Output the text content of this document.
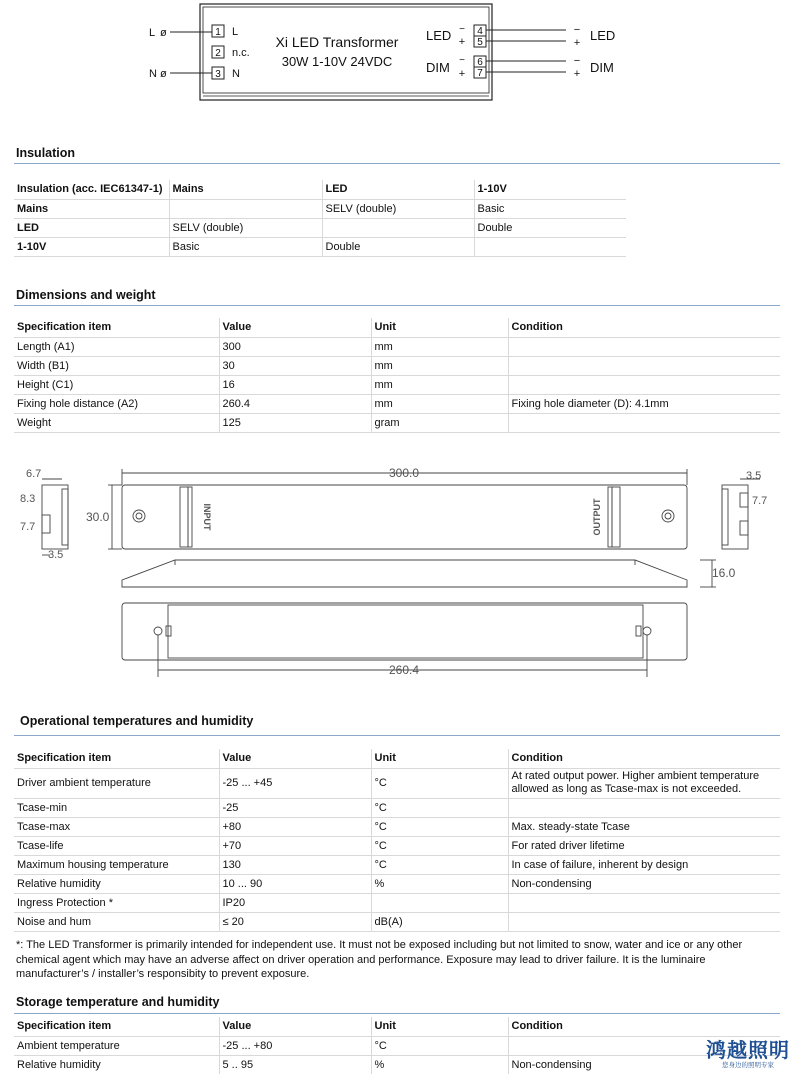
Xi LED Transformer
30W 1-10V 24VDC
1 L
2 n.c.
3 N
L ø
N ø
LED −
+
4
5
−
+ LED
DIM −
+
6
7
−
+ DIM
Insulation
Insulation (acc. IEC61347-1)	Mains	LED	1-10V
Mains		SELV (double)	Basic
LED	SELV (double)		Double
1-10V	Basic	Double	
Dimensions and weight
Specification item	Value	Unit	Condition
Length (A1)	300	mm	
Width (B1)	30	mm	
Height (C1)	16	mm	
Fixing hole distance (A2)	260.4	mm	Fixing hole diameter (D): 4.1mm
Weight	125	gram	
300.0
30.0
16.0
260.4
6.7
8.3
7.7
3.5
3.5
7.7
INPUT	OUTPUT
Operational temperatures and humidity
Specification item	Value	Unit	Condition
Driver ambient temperature	-25 ... +45	°C	At rated output power. Higher ambient temperature allowed as long as Tcase-max is not exceeded.
Tcase-min	-25	°C	
Tcase-max	+80	°C	Max. steady-state Tcase
Tcase-life	+70	°C	For rated driver lifetime
Maximum housing temperature	130	°C	In case of failure, inherent by design
Relative humidity	10 ... 90	%	Non-condensing
Ingress Protection *	IP20		
Noise and hum	≤ 20	dB(A)	
*: The LED Transformer is primarily intended for independent use. It must not be exposed including but not limited to snow, water and ice or any other chemical agent which may have an adverse affect on driver operation and performance. Exposure may lead to driver failure. It is the luminaire manufacturer’s / installer’s responsibity to prevent exposure.
Storage temperature and humidity
Specification item	Value	Unit	Condition
Ambient temperature	-25 ... +80	°C	
Relative humidity	5 .. 95	%	Non-condensing
鸿越照明
您身边的照明专家
